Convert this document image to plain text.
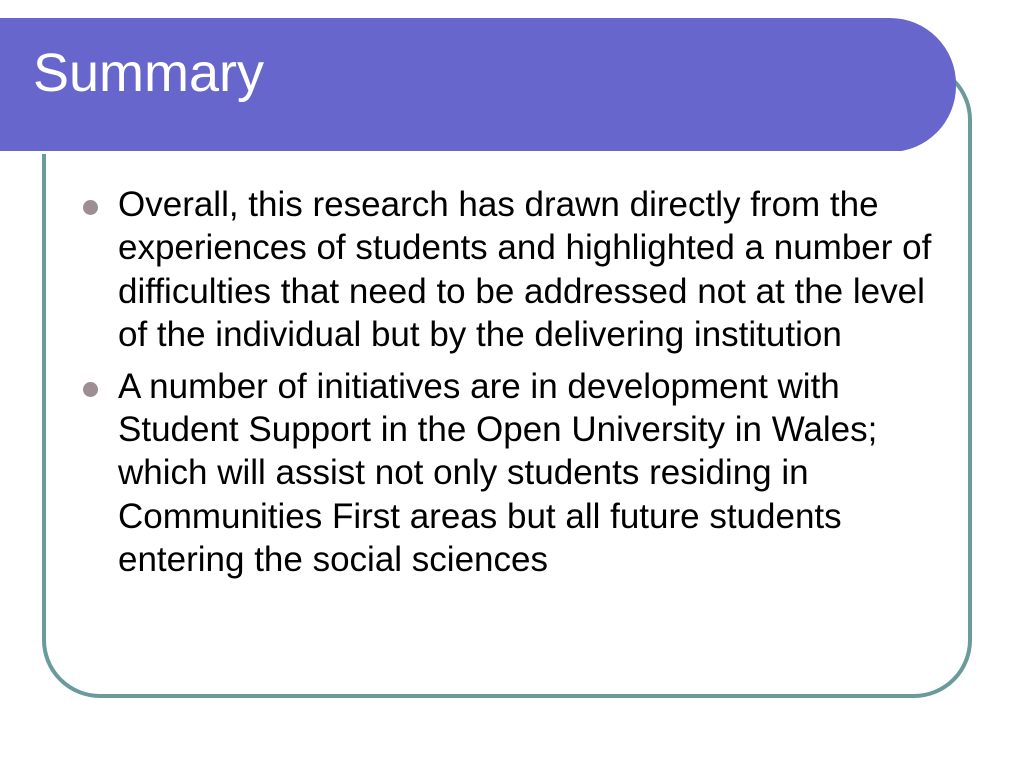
Summary
Overall, this research has drawn directly from the experiences of students and highlighted a number of difficulties that need to be addressed not at the level of the individual but by the delivering institution
A number of initiatives are in development with Student Support in the Open University in Wales; which will assist not only students residing in Communities First areas but all future students entering the social sciences
